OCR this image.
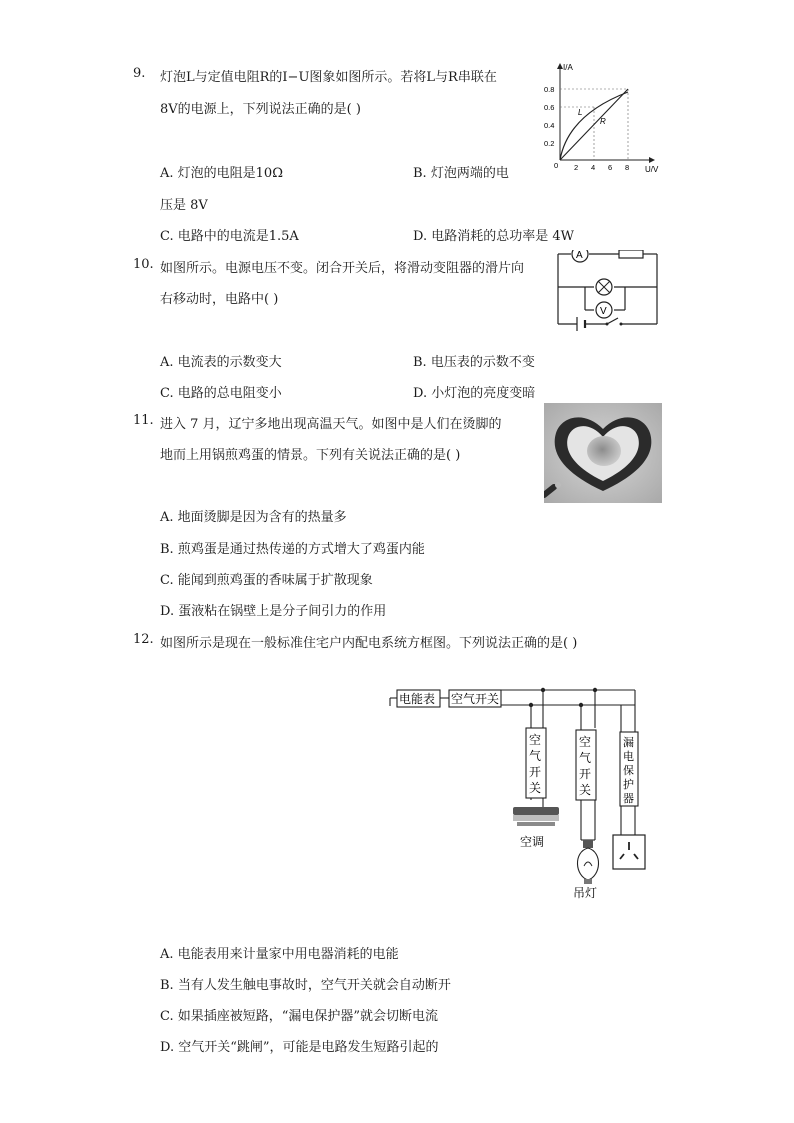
9. 灯泡L与定值电阻R的I−U图象如图所示。若将L与R串联在
8V的电源上，下列说法正确的是( )
A. 灯泡的电阻是10Ω	B. 灯泡两端的电
压是 8V
C. 电路中的电流是1.5A	D. 电路消耗的总功率是 4W
I/A
U/V
0.8
0.6
0.4
0.2
0 2 4 6 8
L
R
10. 如图所示。电源电压不变。闭合开关后，将滑动变阻器的滑片向
右移动时，电路中( )
A. 电流表的示数变大	B. 电压表的示数不变
C. 电路的总电阻变小	D. 小灯泡的亮度变暗
A
V
11. 进入 7 月，辽宁多地出现高温天气。如图中是人们在烫脚的
地而上用锅煎鸡蛋的情景。下列有关说法正确的是( )
A. 地面烫脚是因为含有的热量多
B. 煎鸡蛋是通过热传递的方式增大了鸡蛋内能
C. 能闻到煎鸡蛋的香味属于扩散现象
D. 蛋液粘在锅壁上是分子间引力的作用
12. 如图所示是现在一般标准住宅户内配电系统方框图。下列说法正确的是( )
A. 电能表用来计量家中用电器消耗的电能
B. 当有人发生触电事故时，空气开关就会自动断开
C. 如果插座被短路，“漏电保护器”就会切断电流
D. 空气开关“跳闸”，可能是电路发生短路引起的
电能表 空气开关
空
气
开
关
空
气
开
关
漏
电
保
护
器
空调
吊灯
